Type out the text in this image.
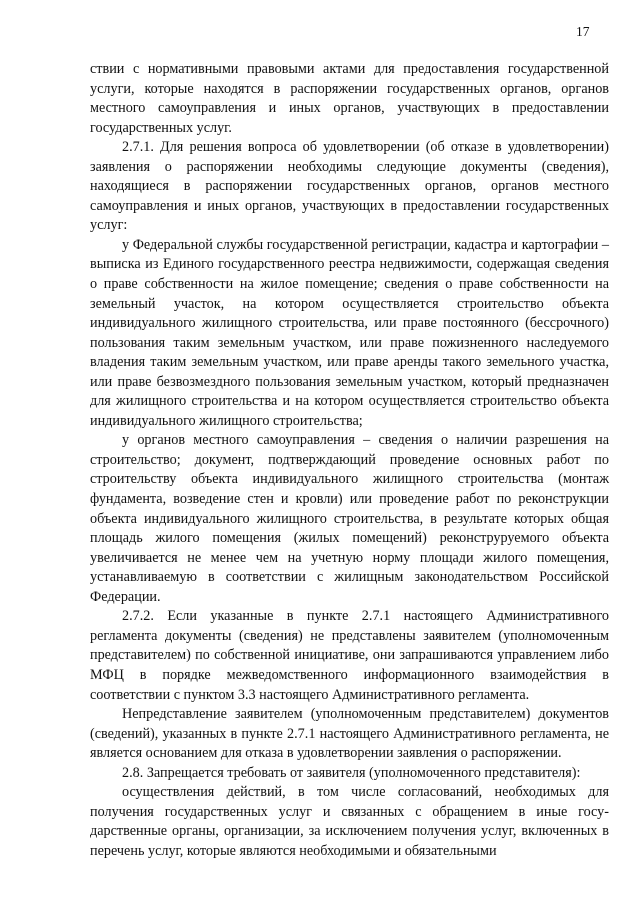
17

ствии с нормативными правовыми актами для предоставления государственной услуги, которые находятся в распоряжении государственных органов, органов местного самоуправления и иных органов, участвующих в предоставлении государственных услуг.

2.7.1. Для решения вопроса об удовлетворении (об отказе в удовлетворении) заявления о распоряжении необходимы следующие документы (сведения), находящиеся в распоряжении государственных органов, органов местного самоуправления и иных органов, участвующих в предоставлении государственных услуг:

у Федеральной службы государственной регистрации, кадастра и картографии – выписка из Единого государственного реестра недвижимости, содержащая сведения о праве собственности на жилое помещение; сведения о праве собственности на земельный участок, на котором осуществляется строительство объекта индивидуального жилищного строительства, или праве постоянного (бессрочного) пользования таким земельным участком, или праве пожизненного наследуемого владения таким земельным участком, или праве аренды такого земельного участка, или праве безвозмездного пользования земельным участком, который предназначен для жилищного строительства и на котором осуществляется строительство объекта индивидуального жилищного строительства;

у органов местного самоуправления – сведения о наличии разрешения на строительство; документ, подтверждающий проведение основных работ по строительству объекта индивидуального жилищного строительства (монтаж фундамента, возведение стен и кровли) или проведение работ по реконструкции объекта индивидуального жилищного строительства, в результате которых общая площадь жилого помещения (жилых помещений) реконструруемого объекта увеличивается не менее чем на учетную норму площади жилого помещения, устанавливаемую в соответствии с жилищным законодательством Российской Федерации.

2.7.2. Если указанные в пункте 2.7.1 настоящего Административного регламента документы (сведения) не представлены заявителем (уполномоченным представителем) по собственной инициативе, они запрашиваются управлением либо МФЦ в порядке межведомственного информационного взаимодействия в соответствии с пунктом 3.3 настоящего Административного регламента.

Непредставление заявителем (уполномоченным представителем) документов (сведений), указанных в пункте 2.7.1 настоящего Административного регламента, не является основанием для отказа в удовлетворении заявления о распоряжении.

2.8. Запрещается требовать от заявителя (уполномоченного представителя):

осуществления действий, в том числе согласований, необходимых для получения государственных услуг и связанных с обращением в иные государственные органы, организации, за исключением получения услуг, включенных в перечень услуг, которые являются необходимыми и обязательными
